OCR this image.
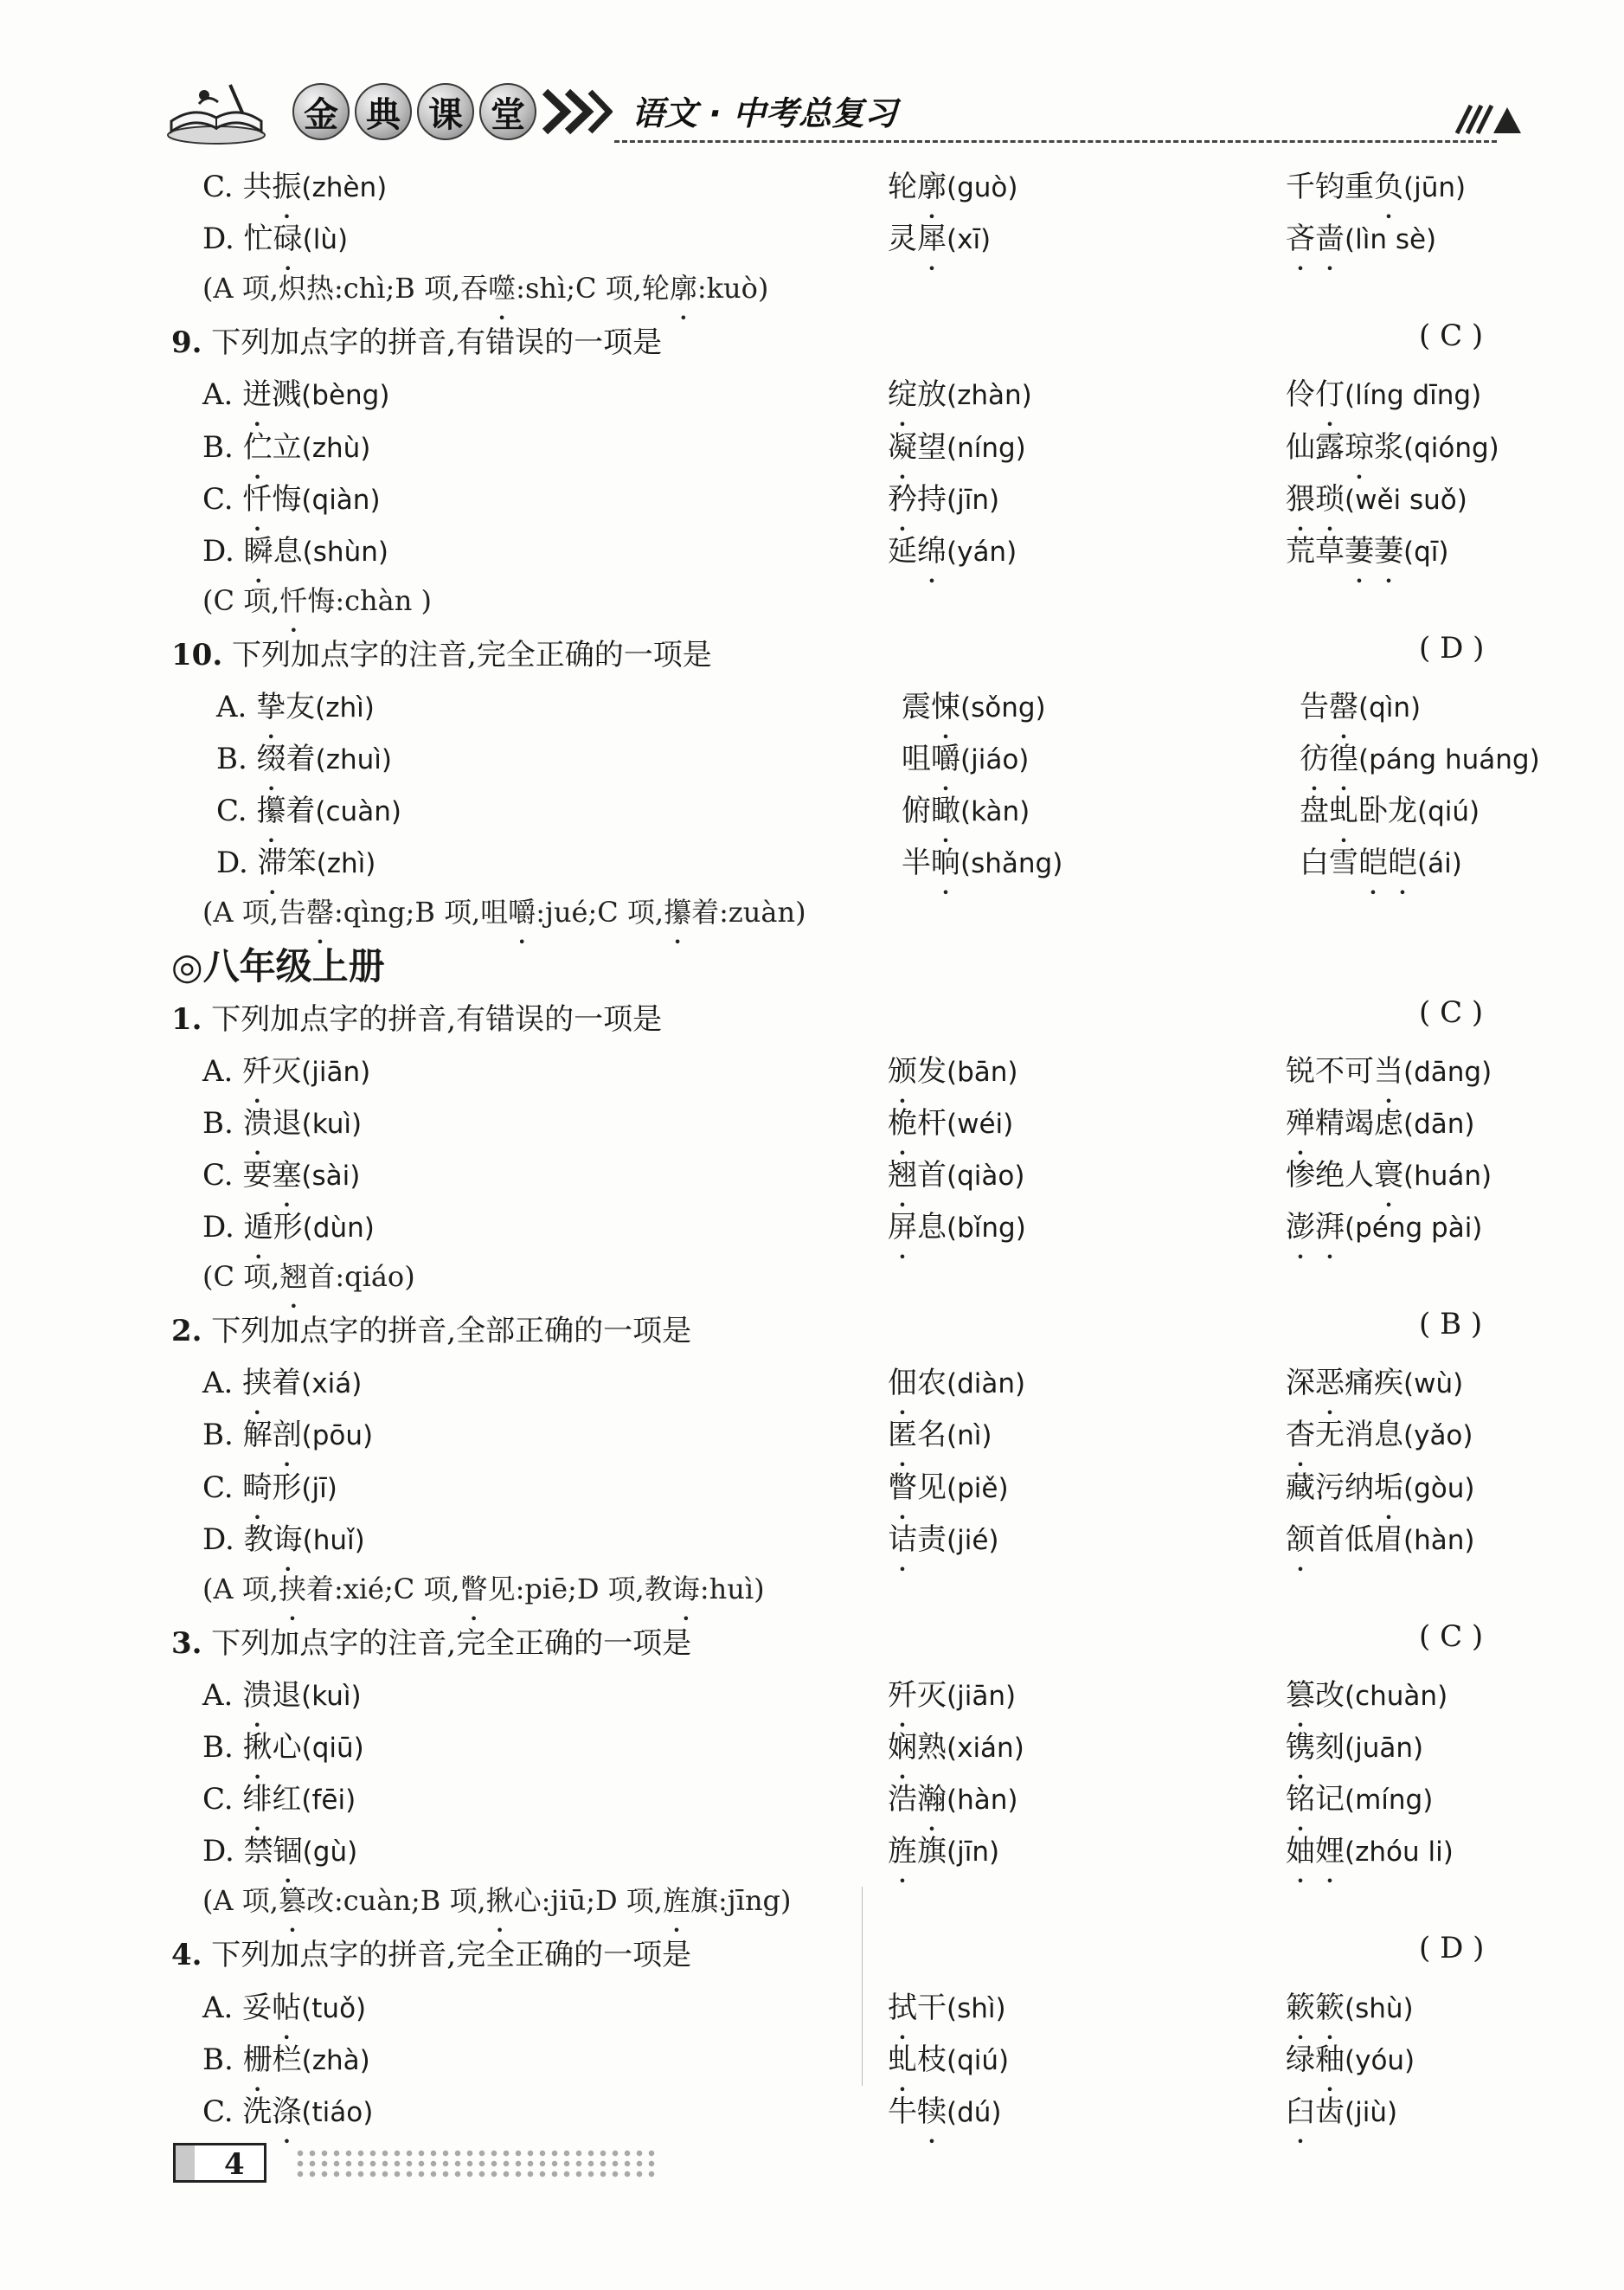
金 典 课 堂	语文 · 中考总复习
C. 共振(zhèn)	轮廓(guò)	千钧重负(jūn)
D. 忙碌(lù)	灵犀(xī)	吝啬(lìn sè)
(A 项,炽热:chì;B 项,吞噬:shì;C 项,轮廓:kuò)
( C )
9. 下列加点字的拼音,有错误的一项是
A. 迸溅(bèng)	绽放(zhàn)	伶仃(líng dīng)
B. 伫立(zhù)	凝望(níng)	仙露琼浆(qióng)
C. 忏悔(qiàn)	矜持(jīn)	猥琐(wěi suǒ)
D. 瞬息(shùn)	延绵(yán)	荒草萋萋(qī)
(C 项,忏悔:chàn )
( D )
10. 下列加点字的注音,完全正确的一项是
A. 挚友(zhì)	震悚(sǒng)	告罄(qìn)
B. 缀着(zhuì)	咀嚼(jiáo)	彷徨(páng huáng)
C. 攥着(cuàn)	俯瞰(kàn)	盘虬卧龙(qiú)
D. 滞笨(zhì)	半晌(shǎng)	白雪皑皑(ái)
(A 项,告罄:qìng;B 项,咀嚼:jué;C 项,攥着:zuàn)
◎八年级上册
( C )
1. 下列加点字的拼音,有错误的一项是
A. 歼灭(jiān)	颁发(bān)	锐不可当(dāng)
B. 溃退(kuì)	桅杆(wéi)	殚精竭虑(dān)
C. 要塞(sài)	翘首(qiào)	惨绝人寰(huán)
D. 遁形(dùn)	屏息(bǐng)	澎湃(péng pài)
(C 项,翘首:qiáo)
( B )
2. 下列加点字的拼音,全部正确的一项是
A. 挟着(xiá)	佃农(diàn)	深恶痛疾(wù)
B. 解剖(pōu)	匿名(nì)	杳无消息(yǎo)
C. 畸形(jī)	瞥见(piě)	藏污纳垢(gòu)
D. 教诲(huǐ)	诘责(jié)	颔首低眉(hàn)
(A 项,挟着:xié;C 项,瞥见:piē;D 项,教诲:huì)
( C )
3. 下列加点字的注音,完全正确的一项是
A. 溃退(kuì)	歼灭(jiān)	篡改(chuàn)
B. 揪心(qiū)	娴熟(xián)	镌刻(juān)
C. 绯红(fēi)	浩瀚(hàn)	铭记(míng)
D. 禁锢(gù)	旌旗(jīn)	妯娌(zhóu li)
(A 项,篡改:cuàn;B 项,揪心:jiū;D 项,旌旗:jīng)
( D )
4. 下列加点字的拼音,完全正确的一项是
A. 妥帖(tuǒ)	拭干(shì)	簌簌(shù)
B. 栅栏(zhà)	虬枝(qiú)	绿釉(yóu)
C. 洗涤(tiáo)	牛犊(dú)	臼齿(jiù)
4
